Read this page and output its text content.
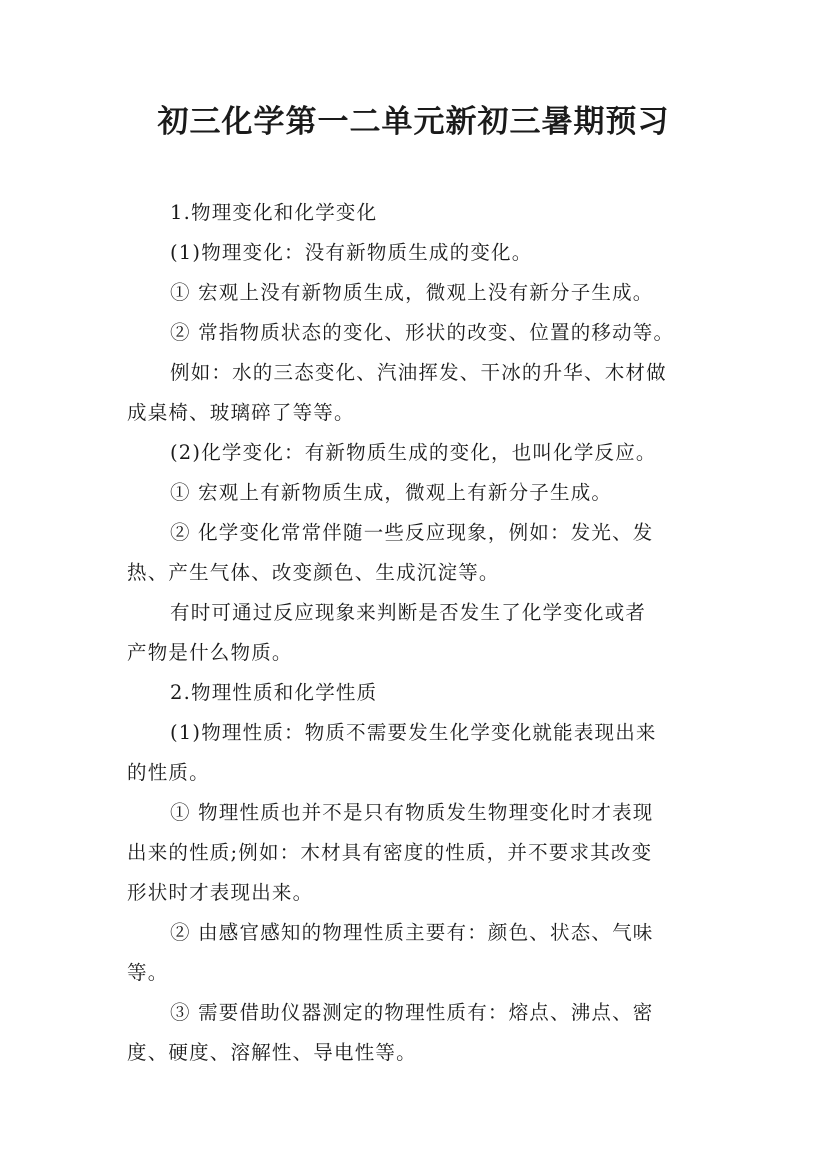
初三化学第一二单元新初三暑期预习

1.物理变化和化学变化

(1)物理变化：没有新物质生成的变化。

① 宏观上没有新物质生成，微观上没有新分子生成。

② 常指物质状态的变化、形状的改变、位置的移动等。

例如：水的三态变化、汽油挥发、干冰的升华、木材做
成桌椅、玻璃碎了等等。

(2)化学变化：有新物质生成的变化，也叫化学反应。

① 宏观上有新物质生成，微观上有新分子生成。

② 化学变化常常伴随一些反应现象，例如：发光、发
热、产生气体、改变颜色、生成沉淀等。

有时可通过反应现象来判断是否发生了化学变化或者
产物是什么物质。

2.物理性质和化学性质

(1)物理性质：物质不需要发生化学变化就能表现出来
的性质。

① 物理性质也并不是只有物质发生物理变化时才表现
出来的性质;例如：木材具有密度的性质，并不要求其改变
形状时才表现出来。

② 由感官感知的物理性质主要有：颜色、状态、气味
等。

③ 需要借助仪器测定的物理性质有：熔点、沸点、密
度、硬度、溶解性、导电性等。
